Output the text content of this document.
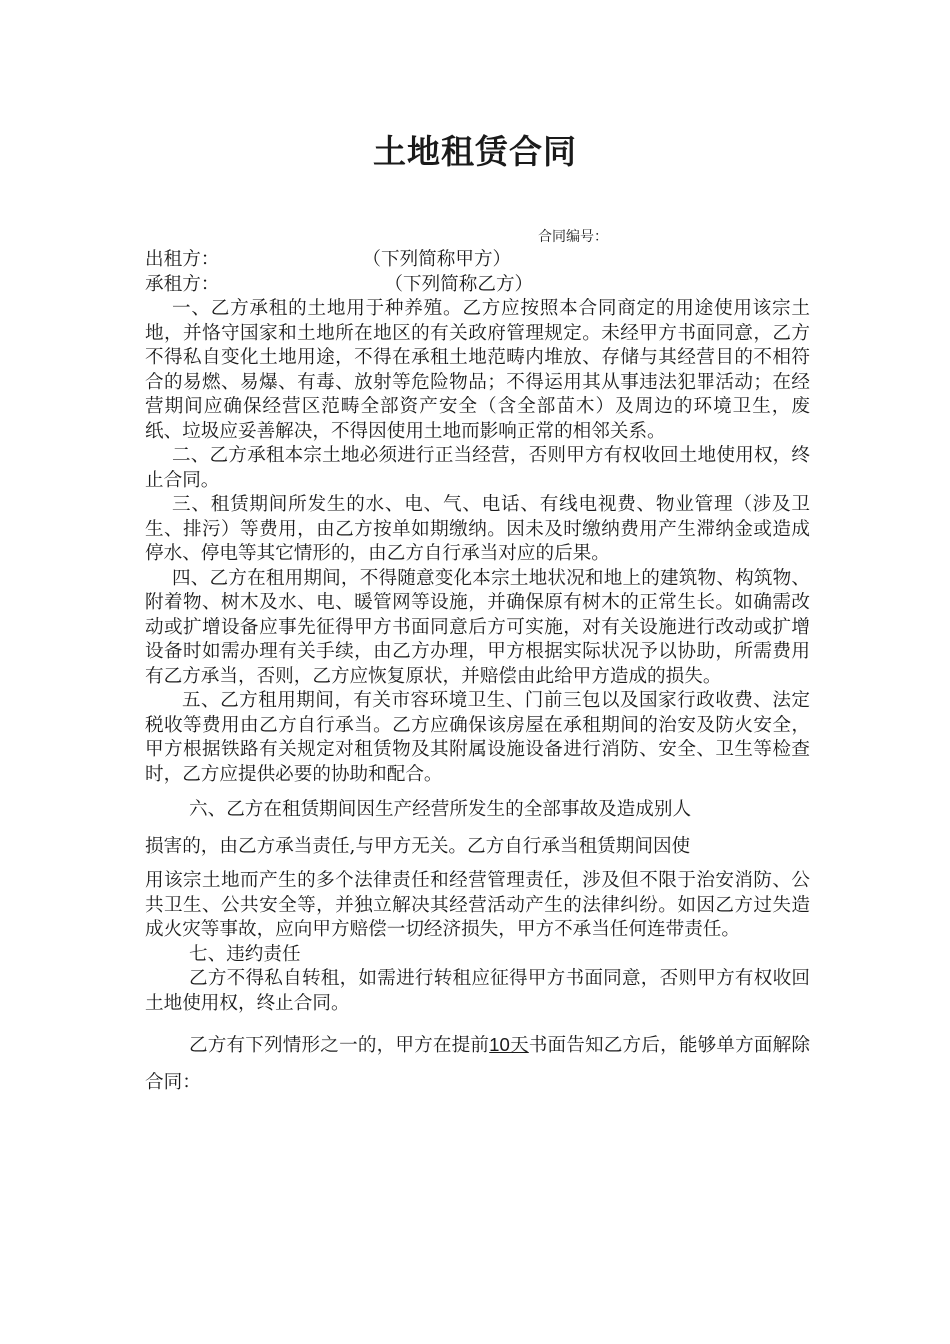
土地租赁合同
合同编号：

出租方：	（下列简称甲方）

承租方：	（下列简称乙方）

一、乙方承租的土地用于种养殖。乙方应按照本合同商定的用途使用该宗土地，并恪守国家和土地所在地区的有关政府管理规定。未经甲方书面同意，乙方不得私自变化土地用途，不得在承租土地范畴内堆放、存储与其经营目的不相符合的易燃、易爆、有毒、放射等危险物品；不得运用其从事违法犯罪活动；在经营期间应确保经营区范畴全部资产安全（含全部苗木）及周边的环境卫生，废纸、垃圾应妥善解决，不得因使用土地而影响正常的相邻关系。

二、乙方承租本宗土地必须进行正当经营，否则甲方有权收回土地使用权，终止合同。

三、租赁期间所发生的水、电、气、电话、有线电视费、物业管理（涉及卫生、排污）等费用，由乙方按单如期缴纳。因未及时缴纳费用产生滞纳金或造成停水、停电等其它情形的，由乙方自行承当对应的后果。

四、乙方在租用期间，不得随意变化本宗土地状况和地上的建筑物、构筑物、附着物、树木及水、电、暖管网等设施，并确保原有树木的正常生长。如确需改动或扩增设备应事先征得甲方书面同意后方可实施，对有关设施进行改动或扩增设备时如需办理有关手续，由乙方办理，甲方根据实际状况予以协助，所需费用有乙方承当，否则，乙方应恢复原状，并赔偿由此给甲方造成的损失。

五、乙方租用期间，有关市容环境卫生、门前三包以及国家行政收费、法定税收等费用由乙方自行承当。乙方应确保该房屋在承租期间的治安及防火安全，甲方根据铁路有关规定对租赁物及其附属设施设备进行消防、安全、卫生等检查时，乙方应提供必要的协助和配合。

六、乙方在租赁期间因生产经营所发生的全部事故及造成别人

损害的，由乙方承当责任,与甲方无关。乙方自行承当租赁期间因使

用该宗土地而产生的多个法律责任和经营管理责任，涉及但不限于治安消防、公共卫生、公共安全等，并独立解决其经营活动产生的法律纠纷。如因乙方过失造成火灾等事故，应向甲方赔偿一切经济损失，甲方不承当任何连带责任。

七、违约责任

乙方不得私自转租，如需进行转租应征得甲方书面同意，否则甲方有权收回土地使用权，终止合同。

乙方有下列情形之一的，甲方在提前10天书面告知乙方后，能够单方面解除合同：
